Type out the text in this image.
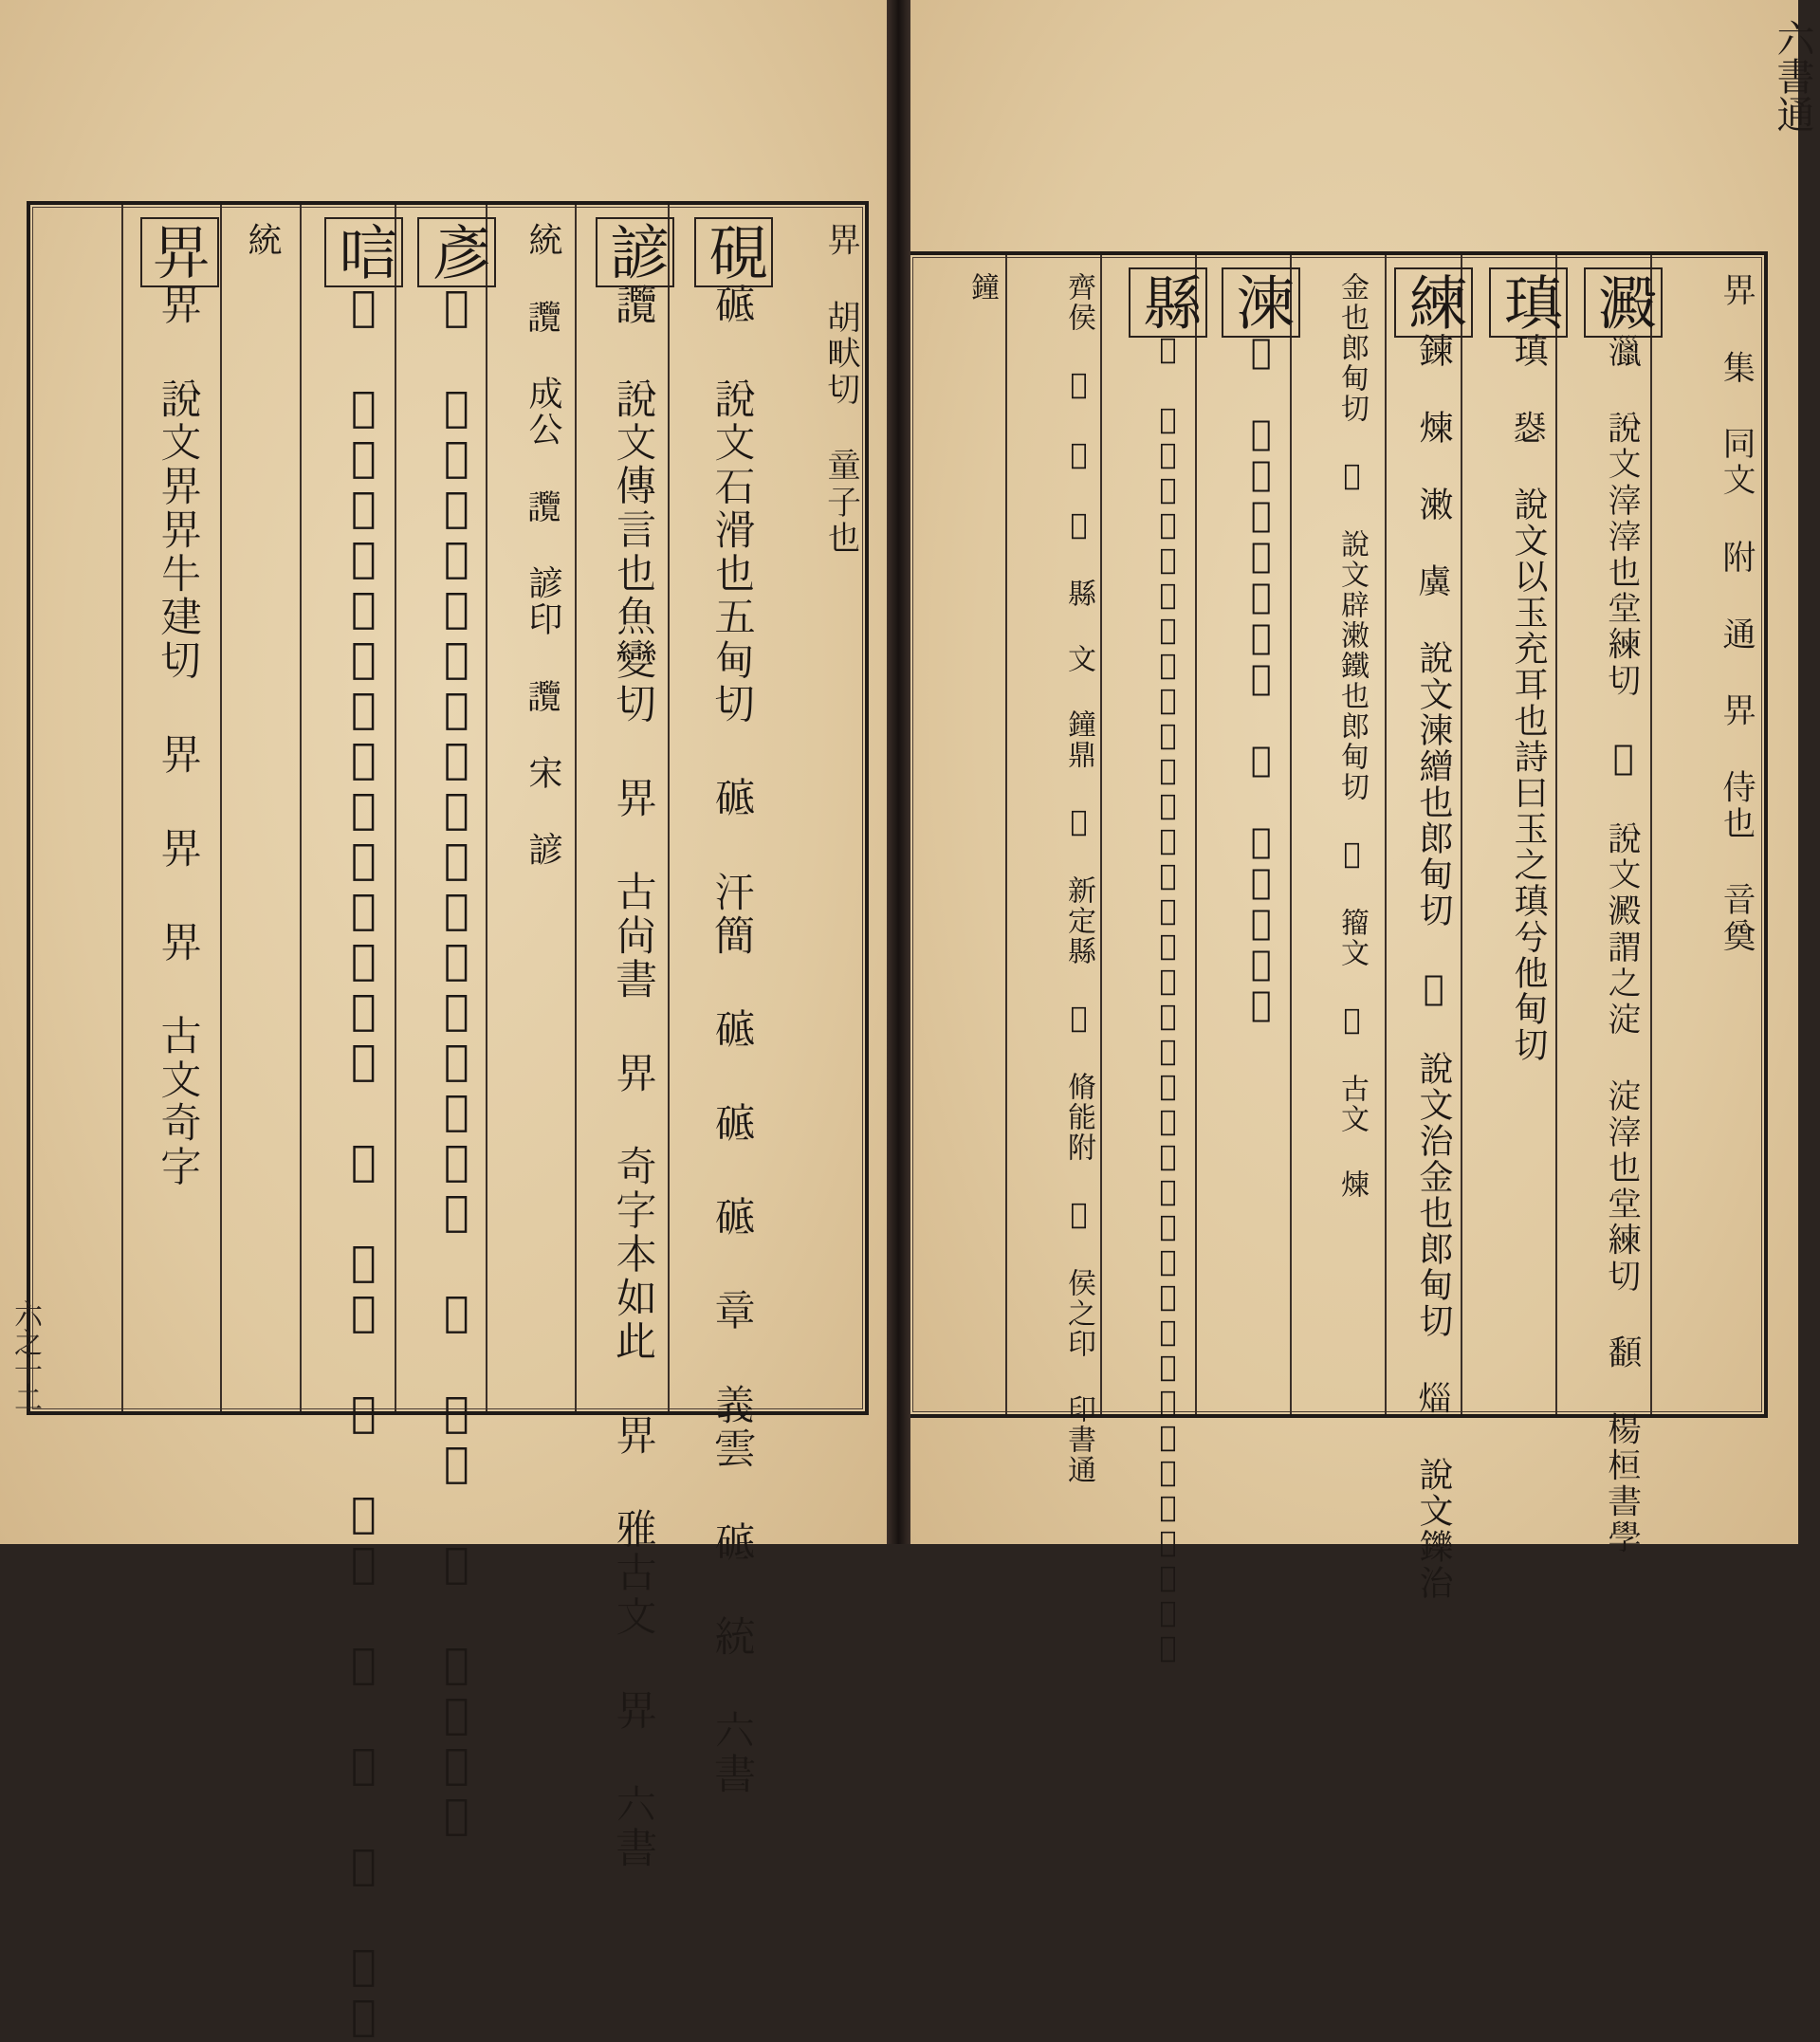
𢌿 胡畎切 童子也
硯𥓵 說文石滑也五甸切 𥓵 汗簡 𥓵 𥓵 𥓵 章 義雲 𥓵 統 六書
諺𧮤 說文傳言也魚變切 𢌿 古尚書 𢌿 奇字本如此 𢌿 雅古文 𢌿 六書
統 𧮤 成公 𧮤 諺印 𧮤 宋 諺
彥𢒪 說文美士有文人所言也从彣厂聲魚變切 𢒪 樊彥 𢒪 脩能印書
唁𠲐 說文弔生也詩曰歸唁衛侯魚變切 𠲐 籀文 𠲐 學書 𠲐 𠲐 𠲐 六書
統
𢌿𢌿 說文𢌿𢌿牛建切 𢌿 𢌿 𢌿 古文奇字
六之十二
𢌿 集 同文 附 通 𢌿 侍也 音奠
澱𤁯 說文滓滓也堂練切 𤃙 說文澱謂之淀 淀滓也堂練切 𩕏 楊桓書學
瑱瑱 𤨝 說文以玉充耳也詩曰玉之瑱兮他甸切
練鍊 煉 潄 𧇽 說文湅繒也郎甸切 𨩵 說文治金也郎甸切 𤉣 說文鑠治
金也郎甸切 𤁘 說文辟潄鐵也郎甸切 𨥯 籀文 𤇮 古文 煉
湅𣸨 說文瀹也郎甸切 𧇽 漢十二辰鏡
縣𦃼 說文繫也臣鉉等曰此本是縣挂之縣借為州縣之縣今俗加心別作懸胡涓切〇又見平先
齊侯 𨥯 𨐺 𨥯 縣 文 鐘鼎 𨐺 新定縣 𦃼 脩能附 𢌿 侯之印 印書通
鐘
六書通
